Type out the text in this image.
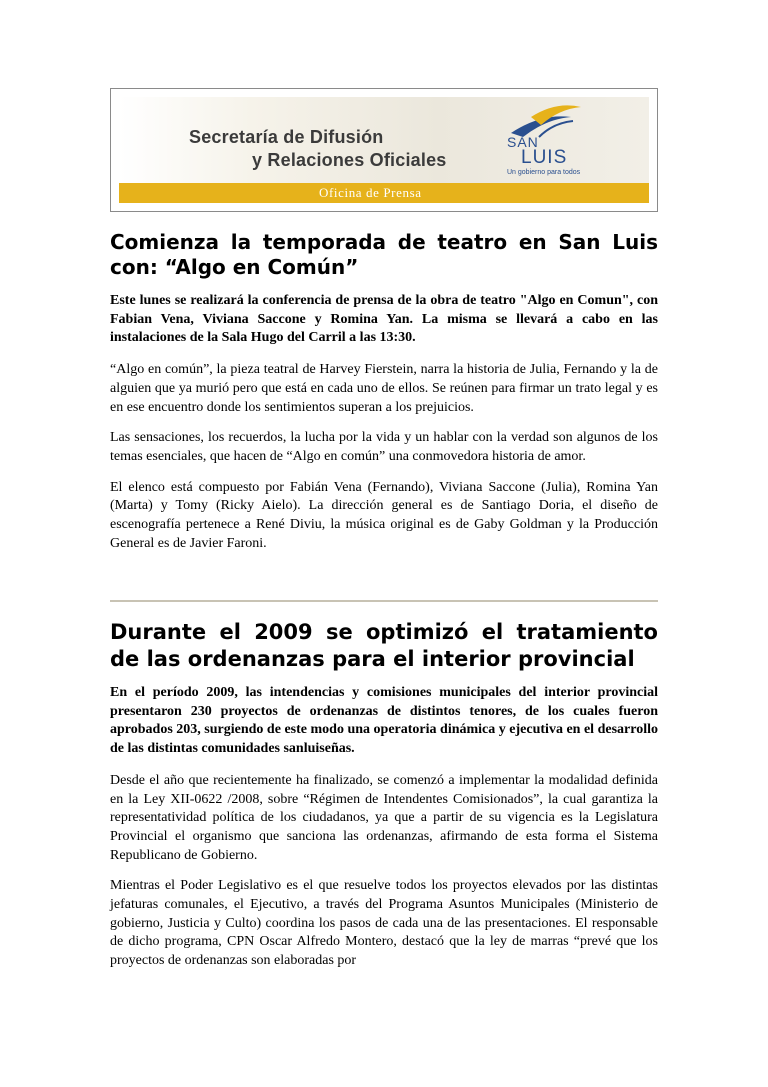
Secretaría de Difusión
y Relaciones Oficiales
SAN
LUIS
Un gobierno para todos
Oficina de Prensa
Comienza la temporada de teatro en San Luis con: “Algo en Común”

Este lunes se realizará la conferencia de prensa de la obra de teatro "Algo en Comun", con Fabian Vena, Viviana Saccone y Romina Yan. La misma se llevará a cabo en las instalaciones de la Sala Hugo del Carril a las 13:30.

“Algo en común”, la pieza teatral de Harvey Fierstein, narra la historia de Julia, Fernando y la de alguien que ya murió pero que está en cada uno de ellos. Se reúnen para firmar un trato legal y es en ese encuentro donde los sentimientos superan a los prejuicios.

Las sensaciones, los recuerdos, la lucha por la vida y un hablar con la verdad son algunos de los temas esenciales, que hacen de “Algo en común” una conmovedora historia de amor.

El elenco está compuesto por Fabián Vena (Fernando), Viviana Saccone (Julia), Romina Yan (Marta) y Tomy (Ricky Aielo). La dirección general es de Santiago Doria, el diseño de escenografía pertenece a René Diviu, la música original es de Gaby Goldman y la Producción General es de Javier Faroni.

Durante el 2009 se optimizó el tratamiento de las ordenanzas para el interior provincial

En el período 2009, las intendencias y comisiones municipales del interior provincial presentaron 230 proyectos de ordenanzas de distintos tenores, de los cuales fueron aprobados 203, surgiendo de este modo una operatoria dinámica y ejecutiva en el desarrollo de las distintas comunidades sanluiseñas.

Desde el año que recientemente ha finalizado, se comenzó a implementar la modalidad definida en la Ley XII-0622 /2008, sobre “Régimen de Intendentes Comisionados”, la cual garantiza la representatividad política de los ciudadanos, ya que a partir de su vigencia es la Legislatura Provincial el organismo que sanciona las ordenanzas, afirmando de esta forma el Sistema Republicano de Gobierno.

Mientras el Poder Legislativo es el que resuelve todos los proyectos elevados por las distintas jefaturas comunales, el Ejecutivo, a través del Programa Asuntos Municipales (Ministerio de gobierno, Justicia y Culto) coordina los pasos de cada una de las presentaciones. El responsable de dicho programa, CPN Oscar Alfredo Montero, destacó que la ley de marras “prevé que los proyectos de ordenanzas son elaboradas por
